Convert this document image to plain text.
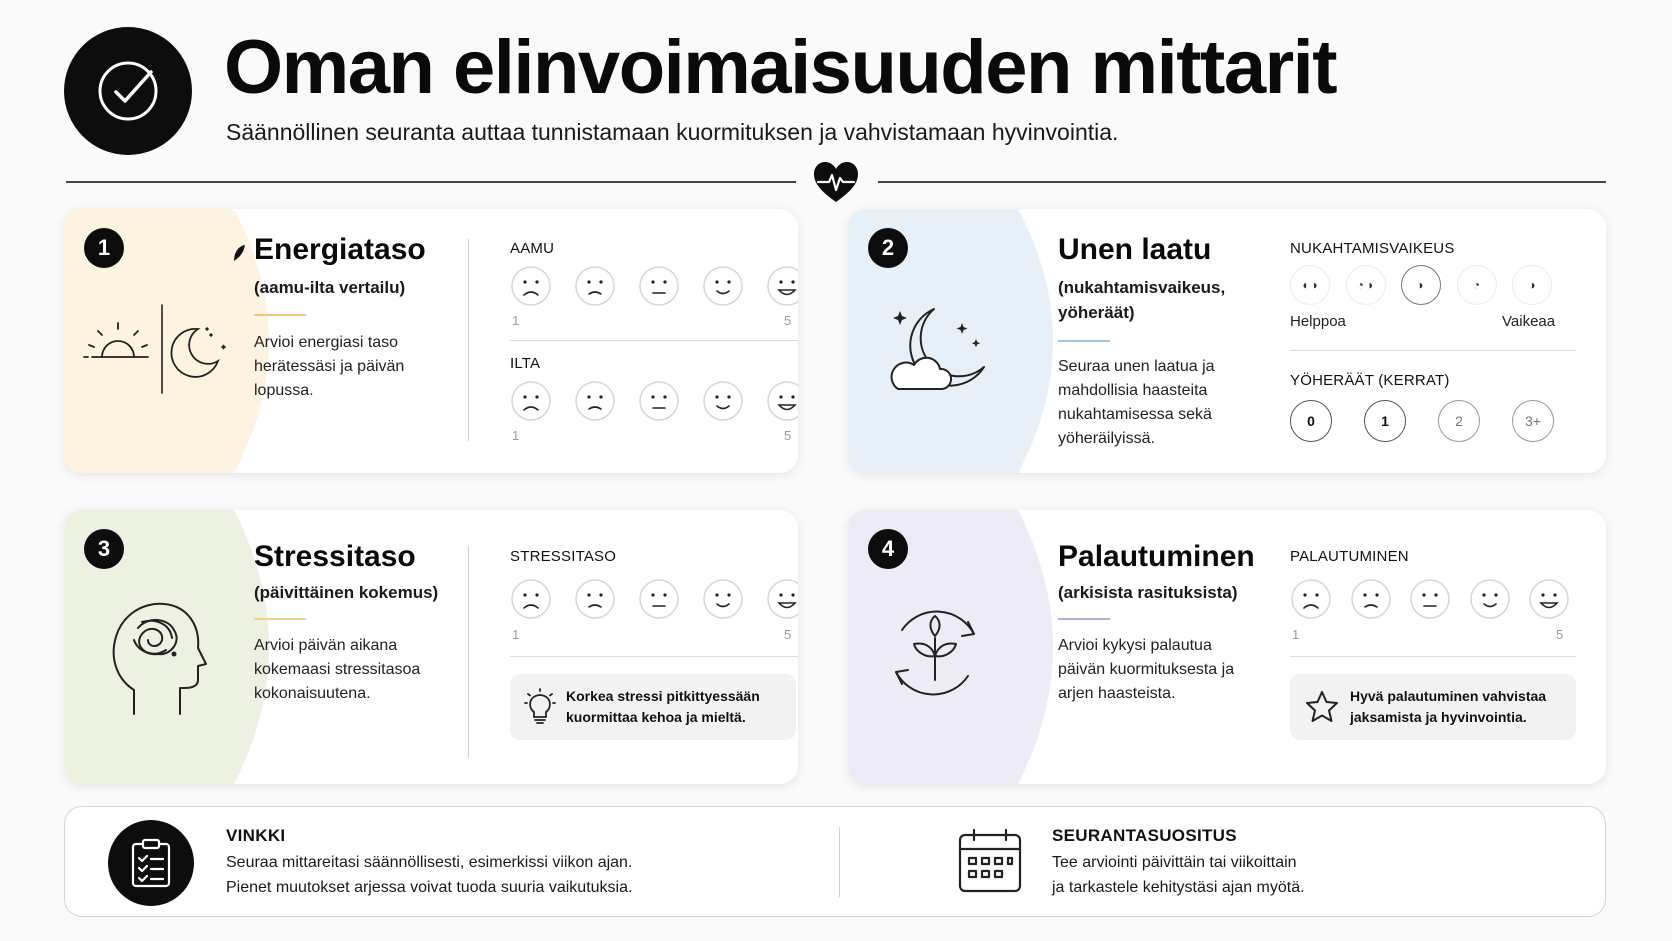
Oman elinvoimaisuuden mittarit
Säännöllinen seuranta auttaa tunnistamaan kuormituksen ja vahvistamaan hyvinvointia.
1	Energiataso
(aamu-ilta vertailu)
Arvioi energiasi taso herätessäsi ja päivän lopussa.
AAMU
1	5
ILTA
1	5
2	Unen laatu
(nukahtamisvaikeus, yöheräät)
Seuraa unen laatua ja mahdollisia haasteita nukahtamisessa sekä yöheräilyissä.
NUKAHTAMISVAIKEUS
◖ ◗	◔ ◗	◗	◔	◑
Helppoa	Vaikeaa
YÖHERÄÄT (KERRAT)
0	1	2	3+
3	Stressitaso
(päivittäinen kokemus)
Arvioi päivän aikana kokemaasi stressitasoa kokonaisuutena.
STRESSITASO
1	5
Korkea stressi pitkittyessään kuormittaa kehoa ja mieltä.
4	Palautuminen
(arkisista rasituksista)
Arvioi kykysi palautua päivän kuormituksesta ja arjen haasteista.
PALAUTUMINEN
1	5
Hyvä palautuminen vahvistaa jaksamista ja hyvinvointia.
VINKKI
Seuraa mittareitasi säännöllisesti, esimerkissi viikon ajan.
Pienet muutokset arjessa voivat tuoda suuria vaikutuksia.
SEURANTASUOSITUS
Tee arviointi päivittäin tai viikoittain
ja tarkastele kehitystäsi ajan myötä.
